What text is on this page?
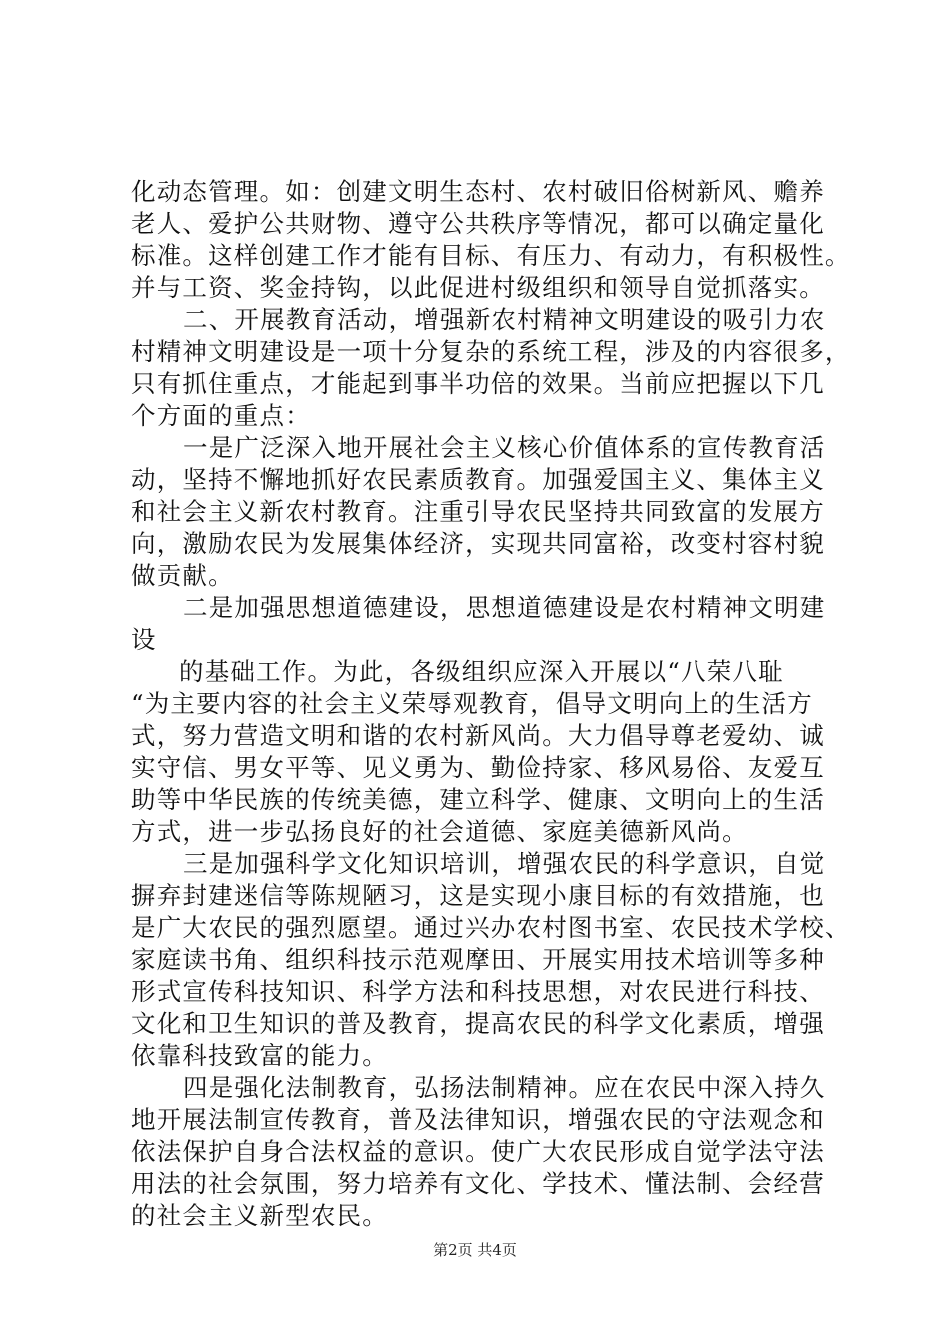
化动态管理。如：创建文明生态村、农村破旧俗树新风、赡养
老人、爱护公共财物、遵守公共秩序等情况，都可以确定量化
标准。这样创建工作才能有目标、有压力、有动力，有积极性。
并与工资、奖金持钩，以此促进村级组织和领导自觉抓落实。
二、开展教育活动，增强新农村精神文明建设的吸引力农
村精神文明建设是一项十分复杂的系统工程，涉及的内容很多，
只有抓住重点，才能起到事半功倍的效果。当前应把握以下几
个方面的重点：
一是广泛深入地开展社会主义核心价值体系的宣传教育活
动，坚持不懈地抓好农民素质教育。加强爱国主义、集体主义
和社会主义新农村教育。注重引导农民坚持共同致富的发展方
向，激励农民为发展集体经济，实现共同富裕，改变村容村貌
做贡献。
二是加强思想道德建设，思想道德建设是农村精神文明建
设
的基础工作。为此，各级组织应深入开展以“八荣八耻
“为主要内容的社会主义荣辱观教育，倡导文明向上的生活方
式，努力营造文明和谐的农村新风尚。大力倡导尊老爱幼、诚
实守信、男女平等、见义勇为、勤俭持家、移风易俗、友爱互
助等中华民族的传统美德，建立科学、健康、文明向上的生活
方式，进一步弘扬良好的社会道德、家庭美德新风尚。
三是加强科学文化知识培训，增强农民的科学意识，自觉
摒弃封建迷信等陈规陋习，这是实现小康目标的有效措施，也
是广大农民的强烈愿望。通过兴办农村图书室、农民技术学校、
家庭读书角、组织科技示范观摩田、开展实用技术培训等多种
形式宣传科技知识、科学方法和科技思想，对农民进行科技、
文化和卫生知识的普及教育，提高农民的科学文化素质，增强
依靠科技致富的能力。
四是强化法制教育，弘扬法制精神。应在农民中深入持久
地开展法制宣传教育，普及法律知识，增强农民的守法观念和
依法保护自身合法权益的意识。使广大农民形成自觉学法守法
用法的社会氛围，努力培养有文化、学技术、懂法制、会经营
的社会主义新型农民。
第2页 共4页
